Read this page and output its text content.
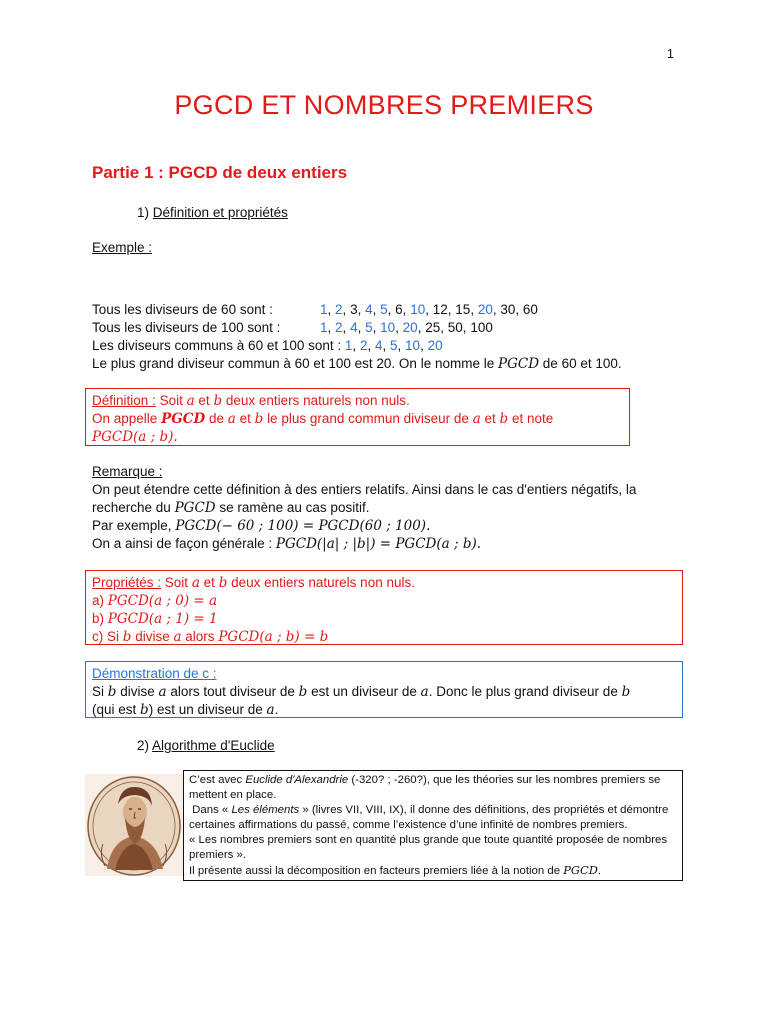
1
PGCD ET NOMBRES PREMIERS
Partie 1 : PGCD de deux entiers
1) Définition et propriétés
Exemple :
Tous les diviseurs de 60 sont :	1, 2, 3, 4, 5, 6, 10, 12, 15, 20, 30, 60
Tous les diviseurs de 100 sont :	1, 2, 4, 5, 10, 20, 25, 50, 100
Les diviseurs communs à 60 et 100 sont : 1, 2, 4, 5, 10, 20
Le plus grand diviseur commun à 60 et 100 est 20. On le nomme le PGCD de 60 et 100.
Définition : Soit a et b deux entiers naturels non nuls.
On appelle PGCD de a et b le plus grand commun diviseur de a et b et note
PGCD(a ; b).
Remarque :
On peut étendre cette définition à des entiers relatifs. Ainsi dans le cas d'entiers négatifs, la
recherche du PGCD se ramène au cas positif.
Par exemple, PGCD(− 60 ; 100) = PGCD(60 ; 100).
On a ainsi de façon générale : PGCD(|a| ; |b|) = PGCD(a ; b).
Propriétés : Soit a et b deux entiers naturels non nuls.
a) PGCD(a ; 0) = a
b) PGCD(a ; 1) = 1
c) Si b divise a alors PGCD(a ; b) = b
Démonstration de c :
Si b divise a alors tout diviseur de b est un diviseur de a. Donc le plus grand diviseur de b
(qui est b) est un diviseur de a.
2) Algorithme d'Euclide
C’est avec Euclide d'Alexandrie (-320? ; -260?), que les théories sur les nombres premiers se
mettent en place.
Dans « Les éléments » (livres VII, VIII, IX), il donne des définitions, des propriétés et démontre
certaines affirmations du passé, comme l’existence d’une infinité de nombres premiers.
« Les nombres premiers sont en quantité plus grande que toute quantité proposée de nombres
premiers ».
Il présente aussi la décomposition en facteurs premiers liée à la notion de PGCD.
